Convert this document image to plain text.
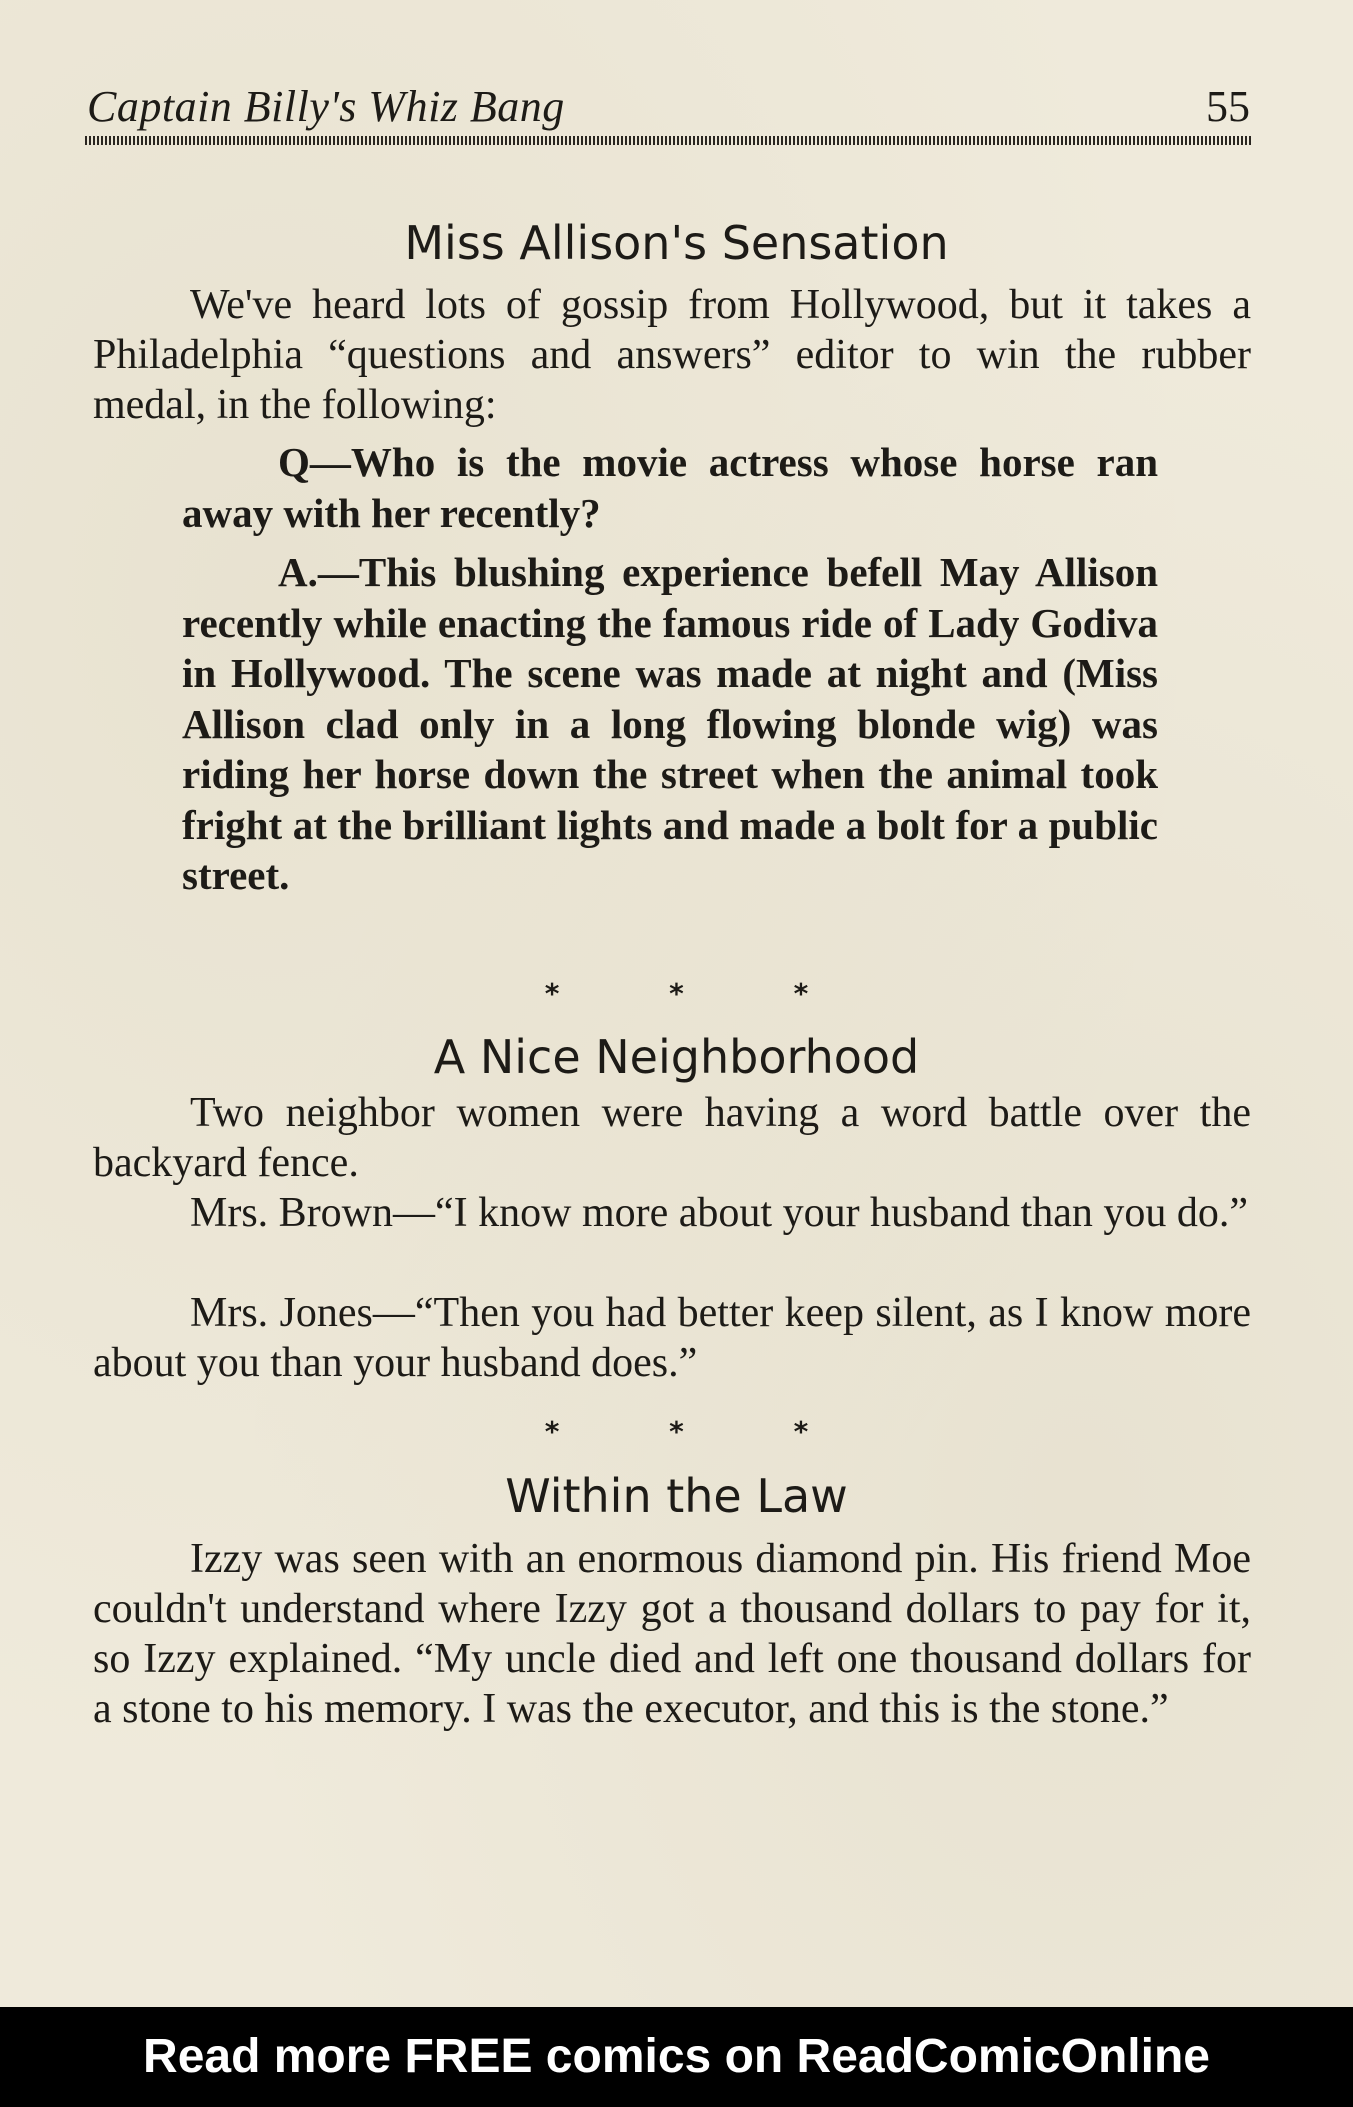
Captain Billy's Whiz Bang	55
Miss Allison's Sensation

We've heard lots of gossip from Hollywood, but it takes a Philadelphia “questions and answers” editor to win the rubber medal, in the following:

Q—Who is the movie actress whose horse ran away with her recently?

A.—This blushing experience befell May Allison recently while enacting the famous ride of Lady Godiva in Hollywood. The scene was made at night and (Miss Allison clad only in a long flowing blonde wig) was riding her horse down the street when the animal took fright at the brilliant lights and made a bolt for a public street.

* * *
A Nice Neighborhood

Two neighbor women were having a word battle over the backyard fence.

Mrs. Brown—“I know more about your husband than you do.”

Mrs. Jones—“Then you had better keep silent, as I know more about you than your husband does.”

* * *
Within the Law

Izzy was seen with an enormous diamond pin. His friend Moe couldn't understand where Izzy got a thousand dollars to pay for it, so Izzy explained. “My uncle died and left one thousand dollars for a stone to his memory. I was the executor, and this is the stone.”

Read more FREE comics on ReadComicOnline
